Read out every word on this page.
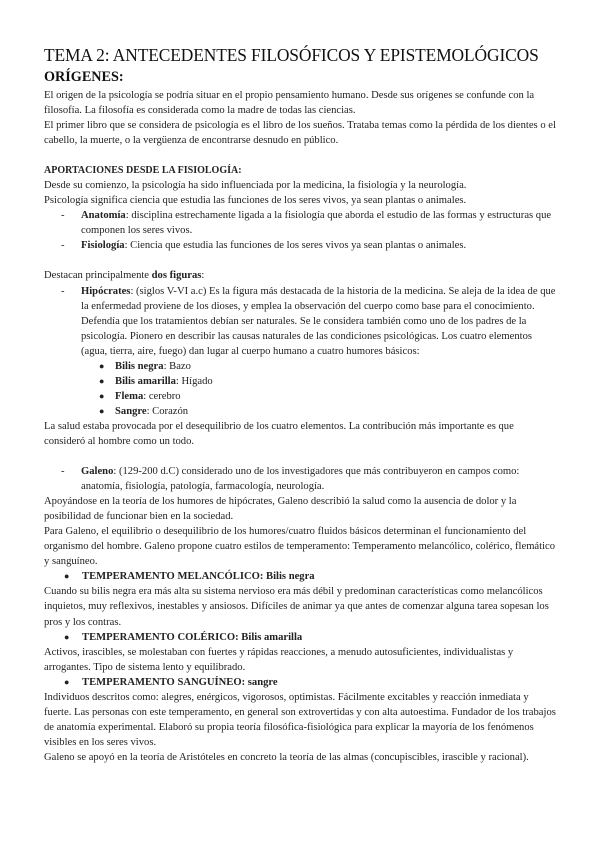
TEMA 2: ANTECEDENTES FILOSÓFICOS Y EPISTEMOLÓGICOS
ORÍGENES:

El origen de la psicología se podría situar en el propio pensamiento humano. Desde sus orígenes se confunde con la filosofía. La filosofía es considerada como la madre de todas las ciencias.

El primer libro que se considera de psicología es el libro de los sueños. Trataba temas como la pérdida de los dientes o el cabello, la muerte, o la vergüenza de encontrarse desnudo en público.

APORTACIONES DESDE LA FISIOLOGÍA:

Desde su comienzo, la psicología ha sido influenciada por la medicina, la fisiología y la neurología.

Psicología significa ciencia que estudia las funciones de los seres vivos, ya sean plantas o animales.

- Anatomía: disciplina estrechamente ligada a la fisiología que aborda el estudio de las formas y estructuras que componen los seres vivos.
- Fisiología: Ciencia que estudia las funciones de los seres vivos ya sean plantas o animales.

Destacan principalmente dos figuras:

- Hipócrates: (siglos V-VI a.c) Es la figura más destacada de la historia de la medicina. Se aleja de la idea de que la enfermedad proviene de los dioses, y emplea la observación del cuerpo como base para el conocimiento. Defendía que los tratamientos debían ser naturales. Se le considera también como uno de los padres de la psicología. Pionero en describir las causas naturales de las condiciones psicológicas. Los cuatro elementos (agua, tierra, aire, fuego) dan lugar al cuerpo humano a cuatro humores básicos:
● Bilis negra: Bazo
● Bilis amarilla: Hígado
● Flema: cerebro
● Sangre: Corazón

La salud estaba provocada por el desequilibrio de los cuatro elementos. La contribución más importante es que consideró al hombre como un todo.

- Galeno: (129-200 d.C) considerado uno de los investigadores que más contribuyeron en campos como: anatomía, fisiología, patología, farmacología, neurología.

Apoyándose en la teoría de los humores de hipócrates, Galeno describió la salud como la ausencia de dolor y la posibilidad de funcionar bien en la sociedad.

Para Galeno, el equilibrio o desequilibrio de los humores/cuatro fluidos básicos determinan el funcionamiento del organismo del hombre. Galeno propone cuatro estilos de temperamento: Temperamento melancólico, colérico, flemático y sanguíneo.

● TEMPERAMENTO MELANCÓLICO: Bilis negra

Cuando su bilis negra era más alta su sistema nervioso era más débil y predominan características como melancólicos inquietos, muy reflexivos, inestables y ansiosos. Difíciles de animar ya que antes de comenzar alguna tarea sopesan los pros y los contras.

● TEMPERAMENTO COLÉRICO: Bilis amarilla

Activos, irascibles, se molestaban con fuertes y rápidas reacciones, a menudo autosuficientes, individualistas y arrogantes. Tipo de sistema lento y equilibrado.

● TEMPERAMENTO SANGUÍNEO: sangre

Individuos descritos como: alegres, enérgicos, vigorosos, optimistas. Fácilmente excitables y reacción inmediata y fuerte. Las personas con este temperamento, en general son extrovertidas y con alta autoestima. Fundador de los trabajos de anatomía experimental. Elaboró su propia teoría filosófica-fisiológica para explicar la mayoría de los fenómenos visibles en los seres vivos.

Galeno se apoyó en la teoría de Aristóteles en concreto la teoría de las almas (concupiscibles, irascible y racional).
